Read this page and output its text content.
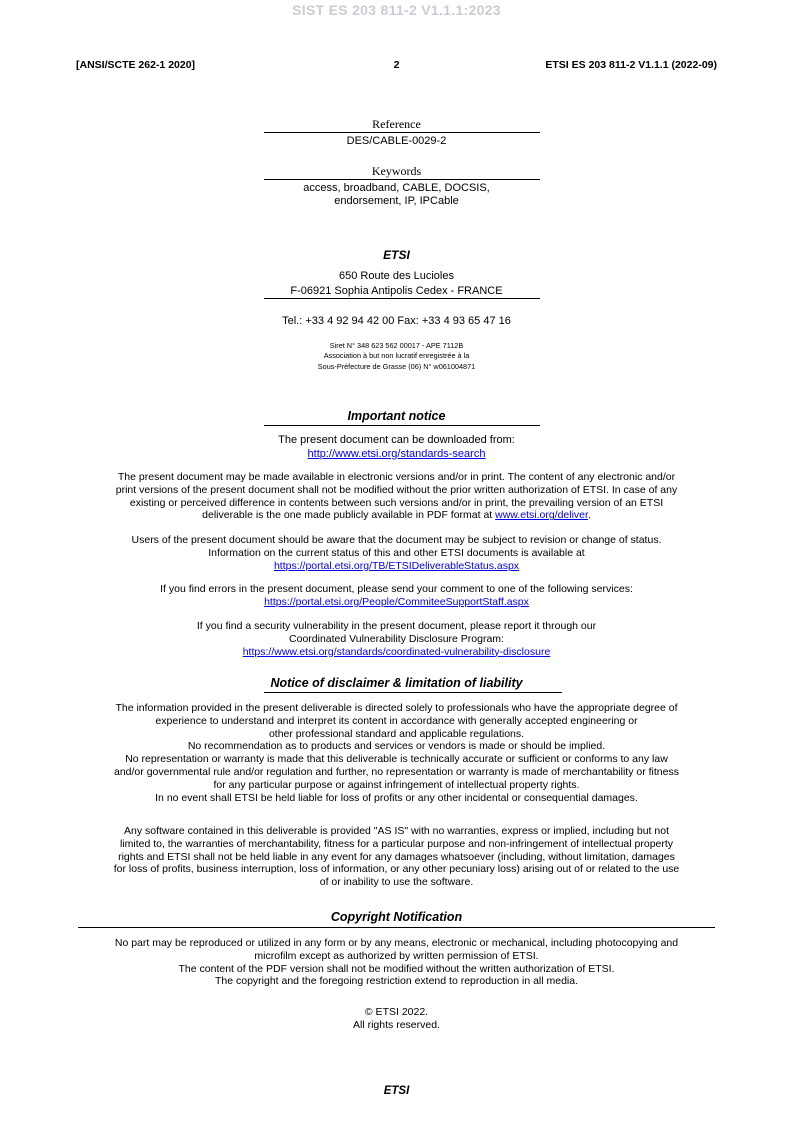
SIST ES 203 811-2 V1.1.1:2023
[ANSI/SCTE 262-1 2020]	2	ETSI ES 203 811-2 V1.1.1 (2022-09)
Reference
DES/CABLE-0029-2
Keywords
access, broadband, CABLE, DOCSIS,
endorsement, IP, IPCable
ETSI
650 Route des Lucioles
F-06921 Sophia Antipolis Cedex - FRANCE
Tel.: +33 4 92 94 42 00 Fax: +33 4 93 65 47 16
Siret N° 348 623 562 00017 - APE 7112B
Association à but non lucratif enregistrée à la
Sous-Préfecture de Grasse (06) N° w061004871
Important notice
The present document can be downloaded from:
http://www.etsi.org/standards-search
The present document may be made available in electronic versions and/or in print. The content of any electronic and/or
print versions of the present document shall not be modified without the prior written authorization of ETSI. In case of any
existing or perceived difference in contents between such versions and/or in print, the prevailing version of an ETSI
deliverable is the one made publicly available in PDF format at www.etsi.org/deliver.
Users of the present document should be aware that the document may be subject to revision or change of status.
Information on the current status of this and other ETSI documents is available at
https://portal.etsi.org/TB/ETSIDeliverableStatus.aspx
If you find errors in the present document, please send your comment to one of the following services:
https://portal.etsi.org/People/CommiteeSupportStaff.aspx
If you find a security vulnerability in the present document, please report it through our
Coordinated Vulnerability Disclosure Program:
https://www.etsi.org/standards/coordinated-vulnerability-disclosure
Notice of disclaimer & limitation of liability
The information provided in the present deliverable is directed solely to professionals who have the appropriate degree of
experience to understand and interpret its content in accordance with generally accepted engineering or
other professional standard and applicable regulations.
No recommendation as to products and services or vendors is made or should be implied.
No representation or warranty is made that this deliverable is technically accurate or sufficient or conforms to any law
and/or governmental rule and/or regulation and further, no representation or warranty is made of merchantability or fitness
for any particular purpose or against infringement of intellectual property rights.
In no event shall ETSI be held liable for loss of profits or any other incidental or consequential damages.
Any software contained in this deliverable is provided "AS IS" with no warranties, express or implied, including but not
limited to, the warranties of merchantability, fitness for a particular purpose and non-infringement of intellectual property
rights and ETSI shall not be held liable in any event for any damages whatsoever (including, without limitation, damages
for loss of profits, business interruption, loss of information, or any other pecuniary loss) arising out of or related to the use
of or inability to use the software.
Copyright Notification
No part may be reproduced or utilized in any form or by any means, electronic or mechanical, including photocopying and
microfilm except as authorized by written permission of ETSI.
The content of the PDF version shall not be modified without the written authorization of ETSI.
The copyright and the foregoing restriction extend to reproduction in all media.
© ETSI 2022.
All rights reserved.
ETSI
